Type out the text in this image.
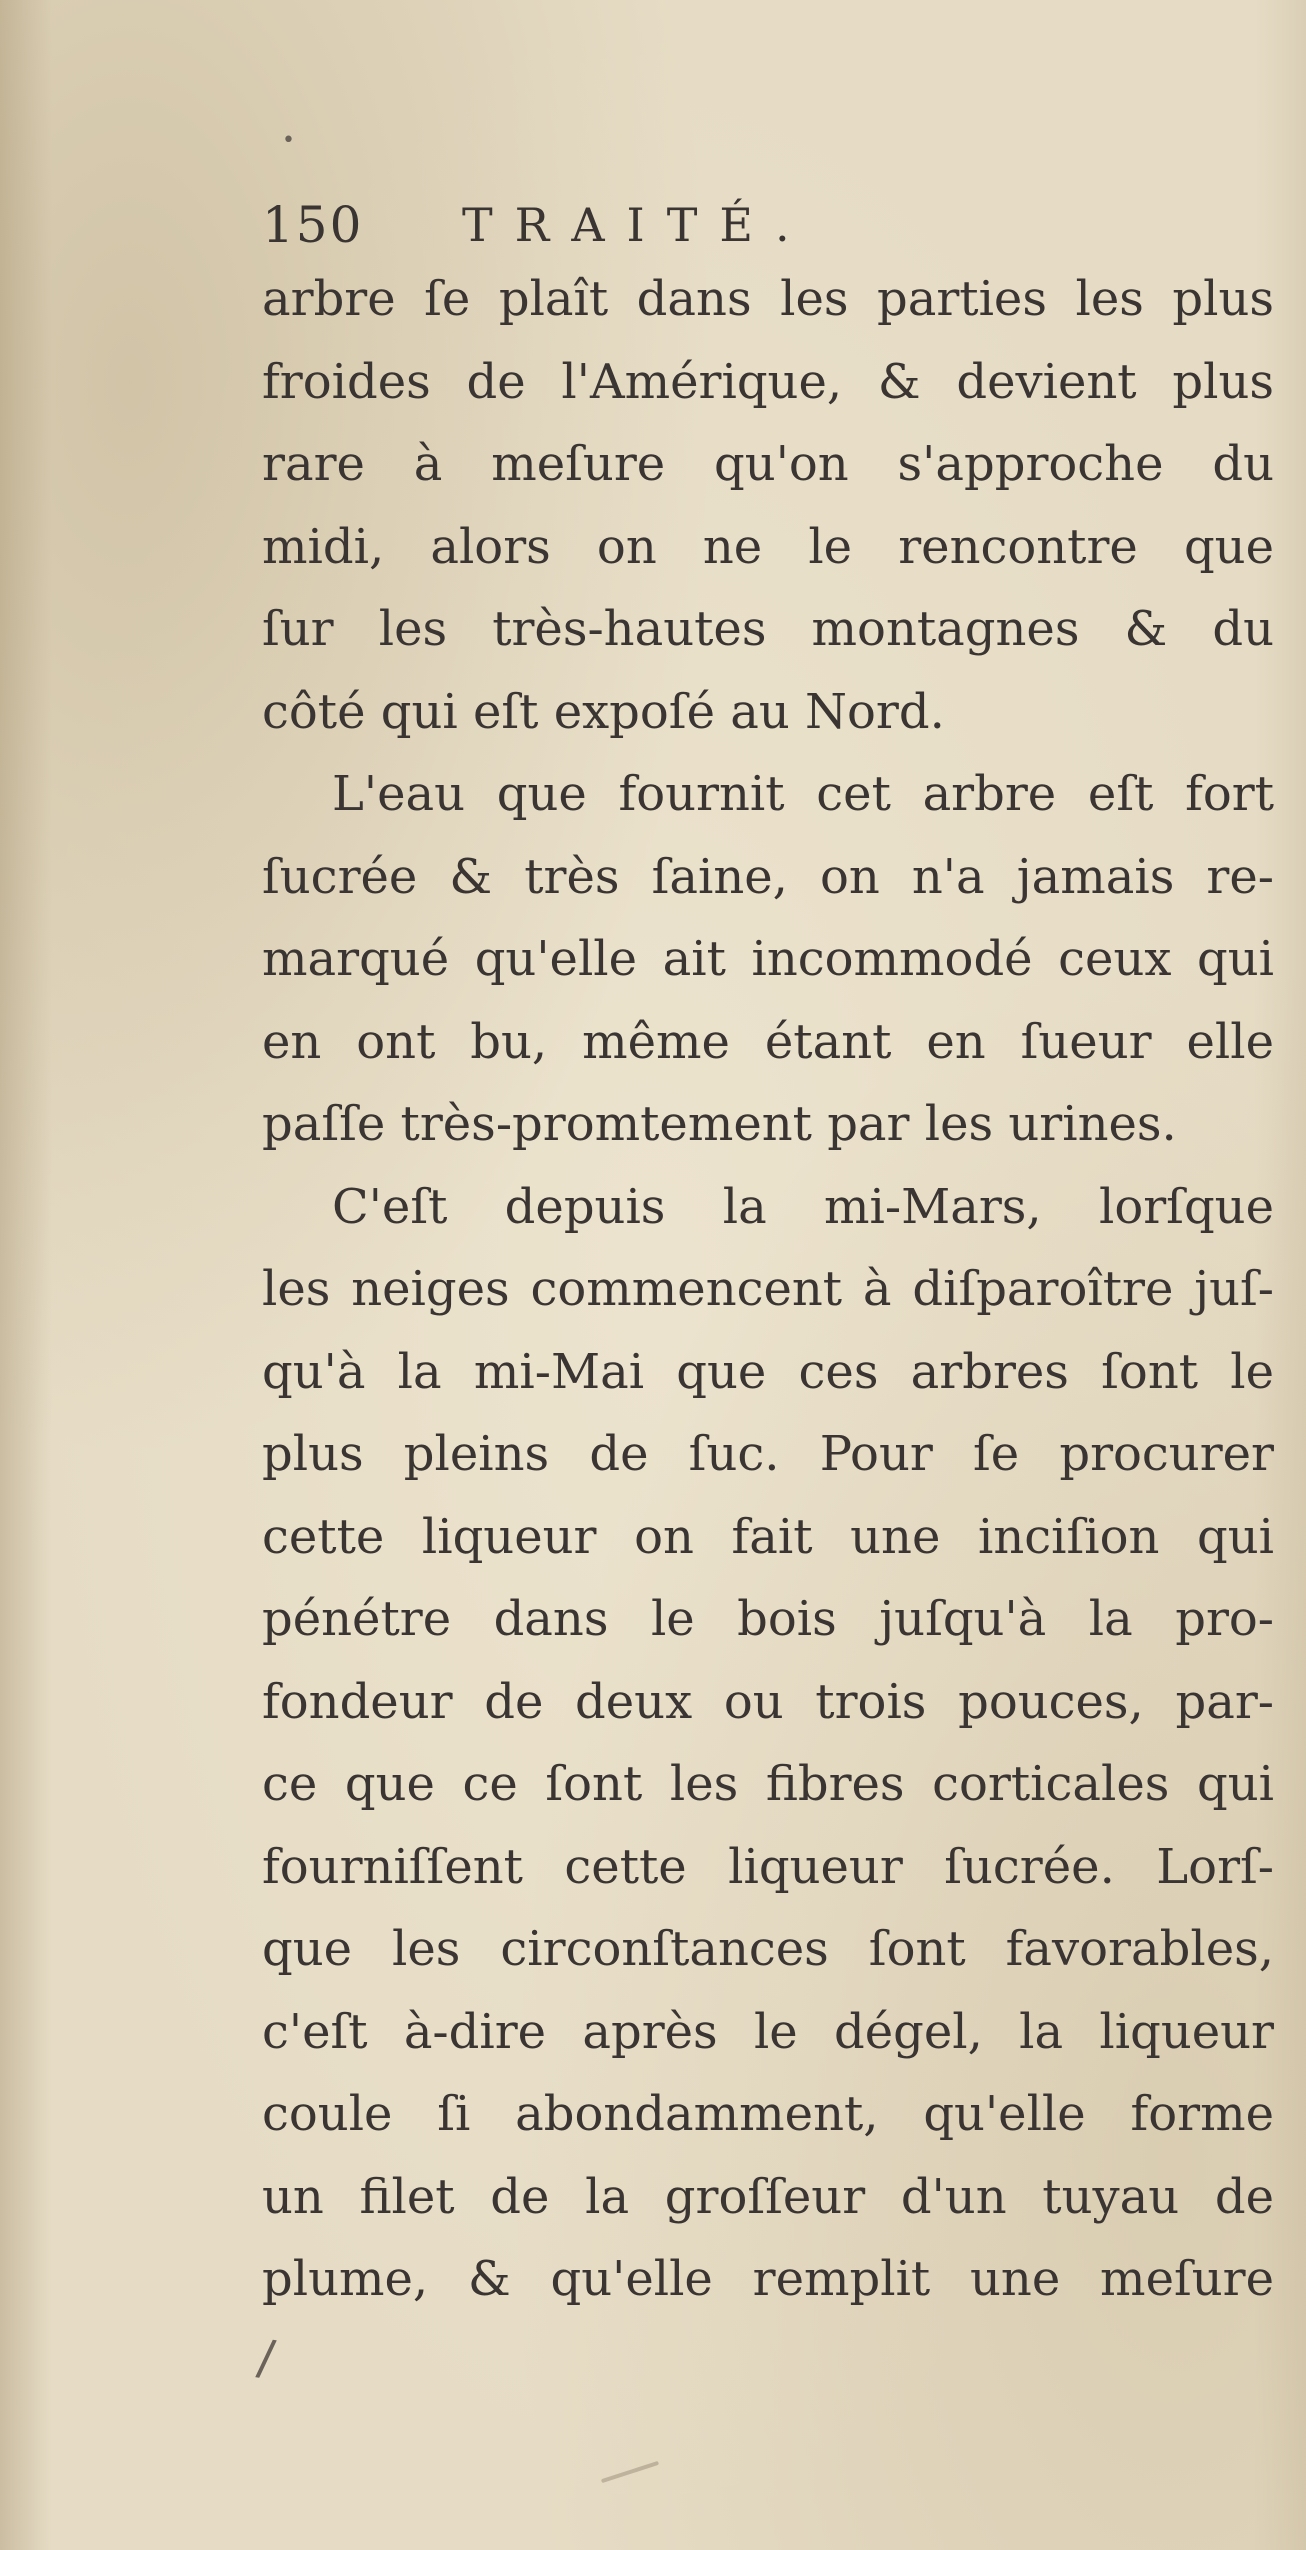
•
150 TRAITÉ.
arbre ſe plaît dans les parties les plus
froides de l'Amérique, & devient plus
rare à meſure qu'on s'approche du
midi, alors on ne le rencontre que
ſur les très-hautes montagnes & du
côté qui eſt expoſé au Nord.
L'eau que fournit cet arbre eſt fort
ſucrée & très ſaine, on n'a jamais re-
marqué qu'elle ait incommodé ceux qui
en ont bu, même étant en ſueur elle
paſſe très-promtement par les urines.
C'eſt depuis la mi-Mars, lorſque
les neiges commencent à diſparoître juſ-
qu'à la mi-Mai que ces arbres ſont le
plus pleins de ſuc. Pour ſe procurer
cette liqueur on fait une inciſion qui
pénétre dans le bois juſqu'à la pro-
fondeur de deux ou trois pouces, par-
ce que ce ſont les fibres corticales qui
fourniſſent cette liqueur ſucrée. Lorſ-
que les circonſtances ſont favorables,
c'eſt à-dire après le dégel, la liqueur
coule ſi abondamment, qu'elle forme
un filet de la groſſeur d'un tuyau de
plume, & qu'elle remplit une meſure
/
